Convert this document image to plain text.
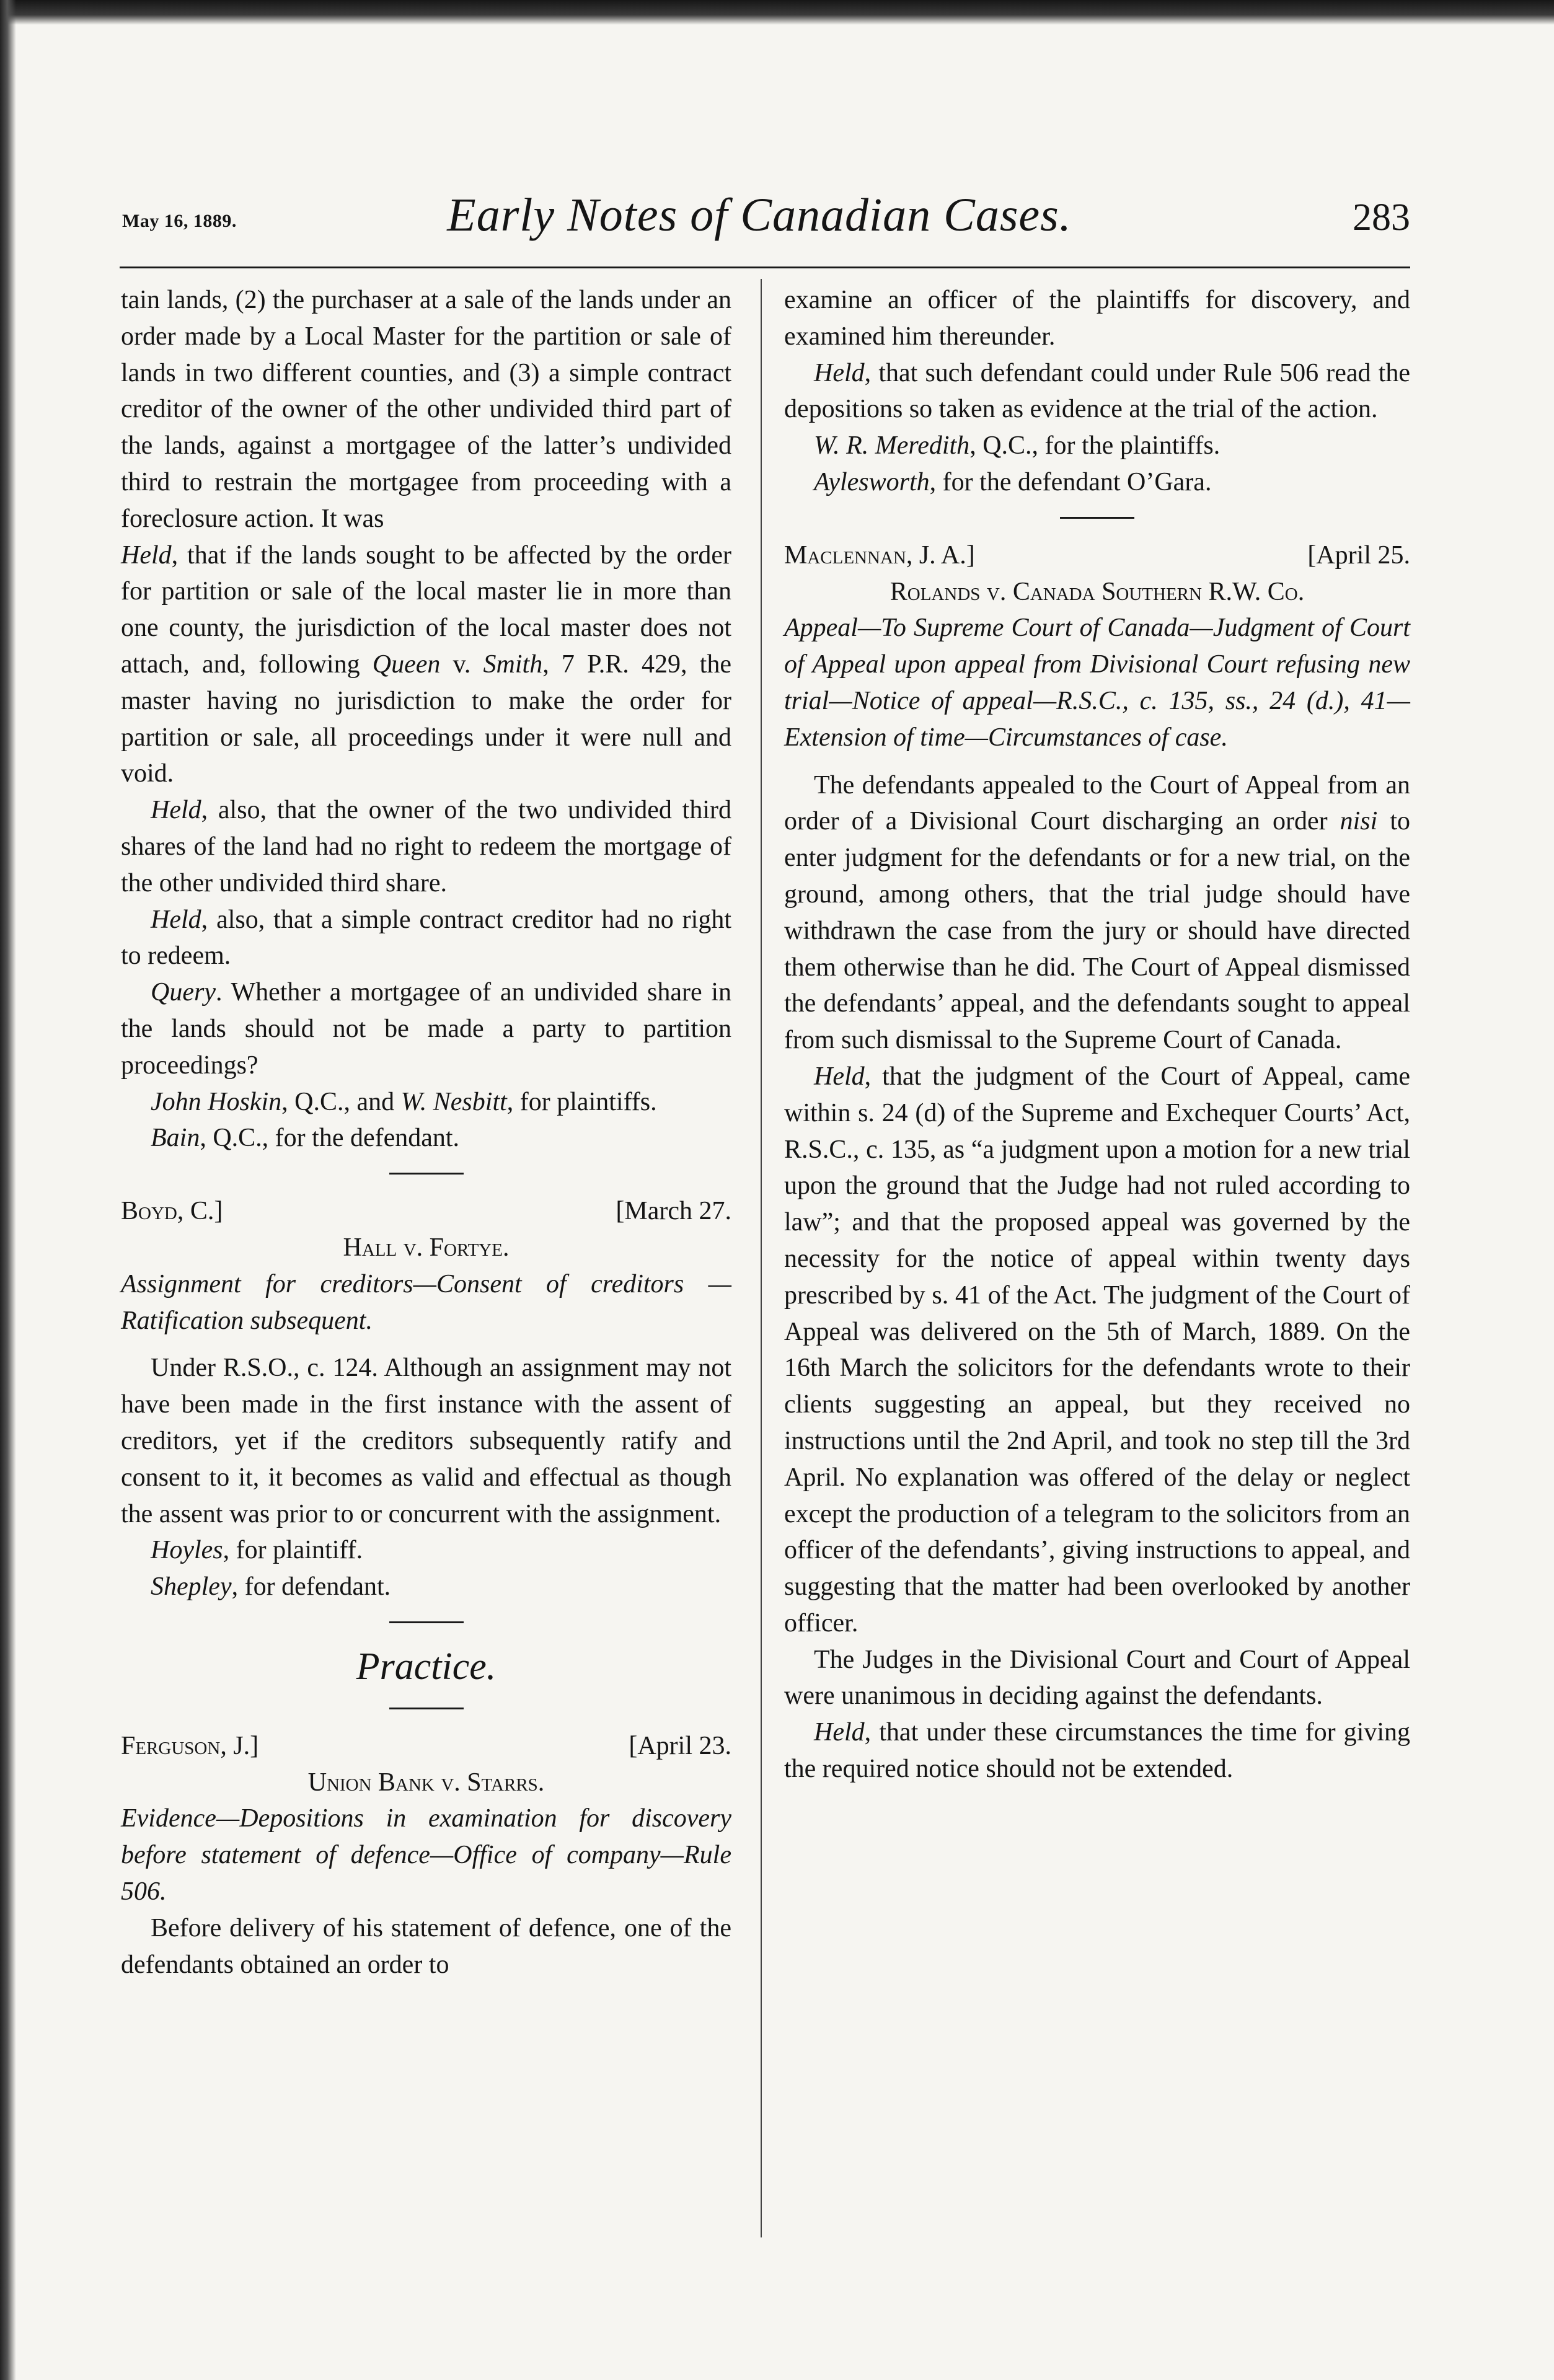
May 16, 1889.	Early Notes of Canadian Cases.	283

tain lands, (2) the purchaser at a sale of the lands under an order made by a Local Master for the partition or sale of lands in two different counties, and (3) a simple contract creditor of the owner of the other undivided third part of the lands, against a mortgagee of the latter’s undivided third to restrain the mortgagee from proceeding with a foreclosure action. It was

Held, that if the lands sought to be affected by the order for partition or sale of the local master lie in more than one county, the jurisdiction of the local master does not attach, and, following Queen v. Smith, 7 P.R. 429, the master having no jurisdiction to make the order for partition or sale, all proceedings under it were null and void.

Held, also, that the owner of the two undivided third shares of the land had no right to redeem the mortgage of the other undivided third share.

Held, also, that a simple contract creditor had no right to redeem.

Query. Whether a mortgagee of an undivided share in the lands should not be made a party to partition proceedings?

John Hoskin, Q.C., and W. Nesbitt, for plaintiffs.

Bain, Q.C., for the defendant.

Boyd, C.]	[March 27.

Hall v. Fortye.

Assignment for creditors—Consent of creditors —Ratification subsequent.

Under R.S.O., c. 124. Although an assignment may not have been made in the first instance with the assent of creditors, yet if the creditors subsequently ratify and consent to it, it becomes as valid and effectual as though the assent was prior to or concurrent with the assignment.

Hoyles, for plaintiff.

Shepley, for defendant.

Practice.
Ferguson, J.]	[April 23.

Union Bank v. Starrs.

Evidence—Depositions in examination for discovery before statement of defence—Office of company—Rule 506.

Before delivery of his statement of defence, one of the defendants obtained an order to

examine an officer of the plaintiffs for discovery, and examined him thereunder.

Held, that such defendant could under Rule 506 read the depositions so taken as evidence at the trial of the action.

W. R. Meredith, Q.C., for the plaintiffs.

Aylesworth, for the defendant O’Gara.

Maclennan, J. A.]	[April 25.

Rolands v. Canada Southern R.W. Co.

Appeal—To Supreme Court of Canada—Judgment of Court of Appeal upon appeal from Divisional Court refusing new trial—Notice of appeal—R.S.C., c. 135, ss., 24 (d.), 41—Extension of time—Circumstances of case.

The defendants appealed to the Court of Appeal from an order of a Divisional Court discharging an order nisi to enter judgment for the defendants or for a new trial, on the ground, among others, that the trial judge should have withdrawn the case from the jury or should have directed them otherwise than he did. The Court of Appeal dismissed the defendants’ appeal, and the defendants sought to appeal from such dismissal to the Supreme Court of Canada.

Held, that the judgment of the Court of Appeal, came within s. 24 (d) of the Supreme and Exchequer Courts’ Act, R.S.C., c. 135, as “a judgment upon a motion for a new trial upon the ground that the Judge had not ruled according to law”; and that the proposed appeal was governed by the necessity for the notice of appeal within twenty days prescribed by s. 41 of the Act. The judgment of the Court of Appeal was delivered on the 5th of March, 1889. On the 16th March the solicitors for the defendants wrote to their clients suggesting an appeal, but they received no instructions until the 2nd April, and took no step till the 3rd April. No explanation was offered of the delay or neglect except the production of a telegram to the solicitors from an officer of the defendants’, giving instructions to appeal, and suggesting that the matter had been overlooked by another officer.

The Judges in the Divisional Court and Court of Appeal were unanimous in deciding against the defendants.

Held, that under these circumstances the time for giving the required notice should not be extended.
